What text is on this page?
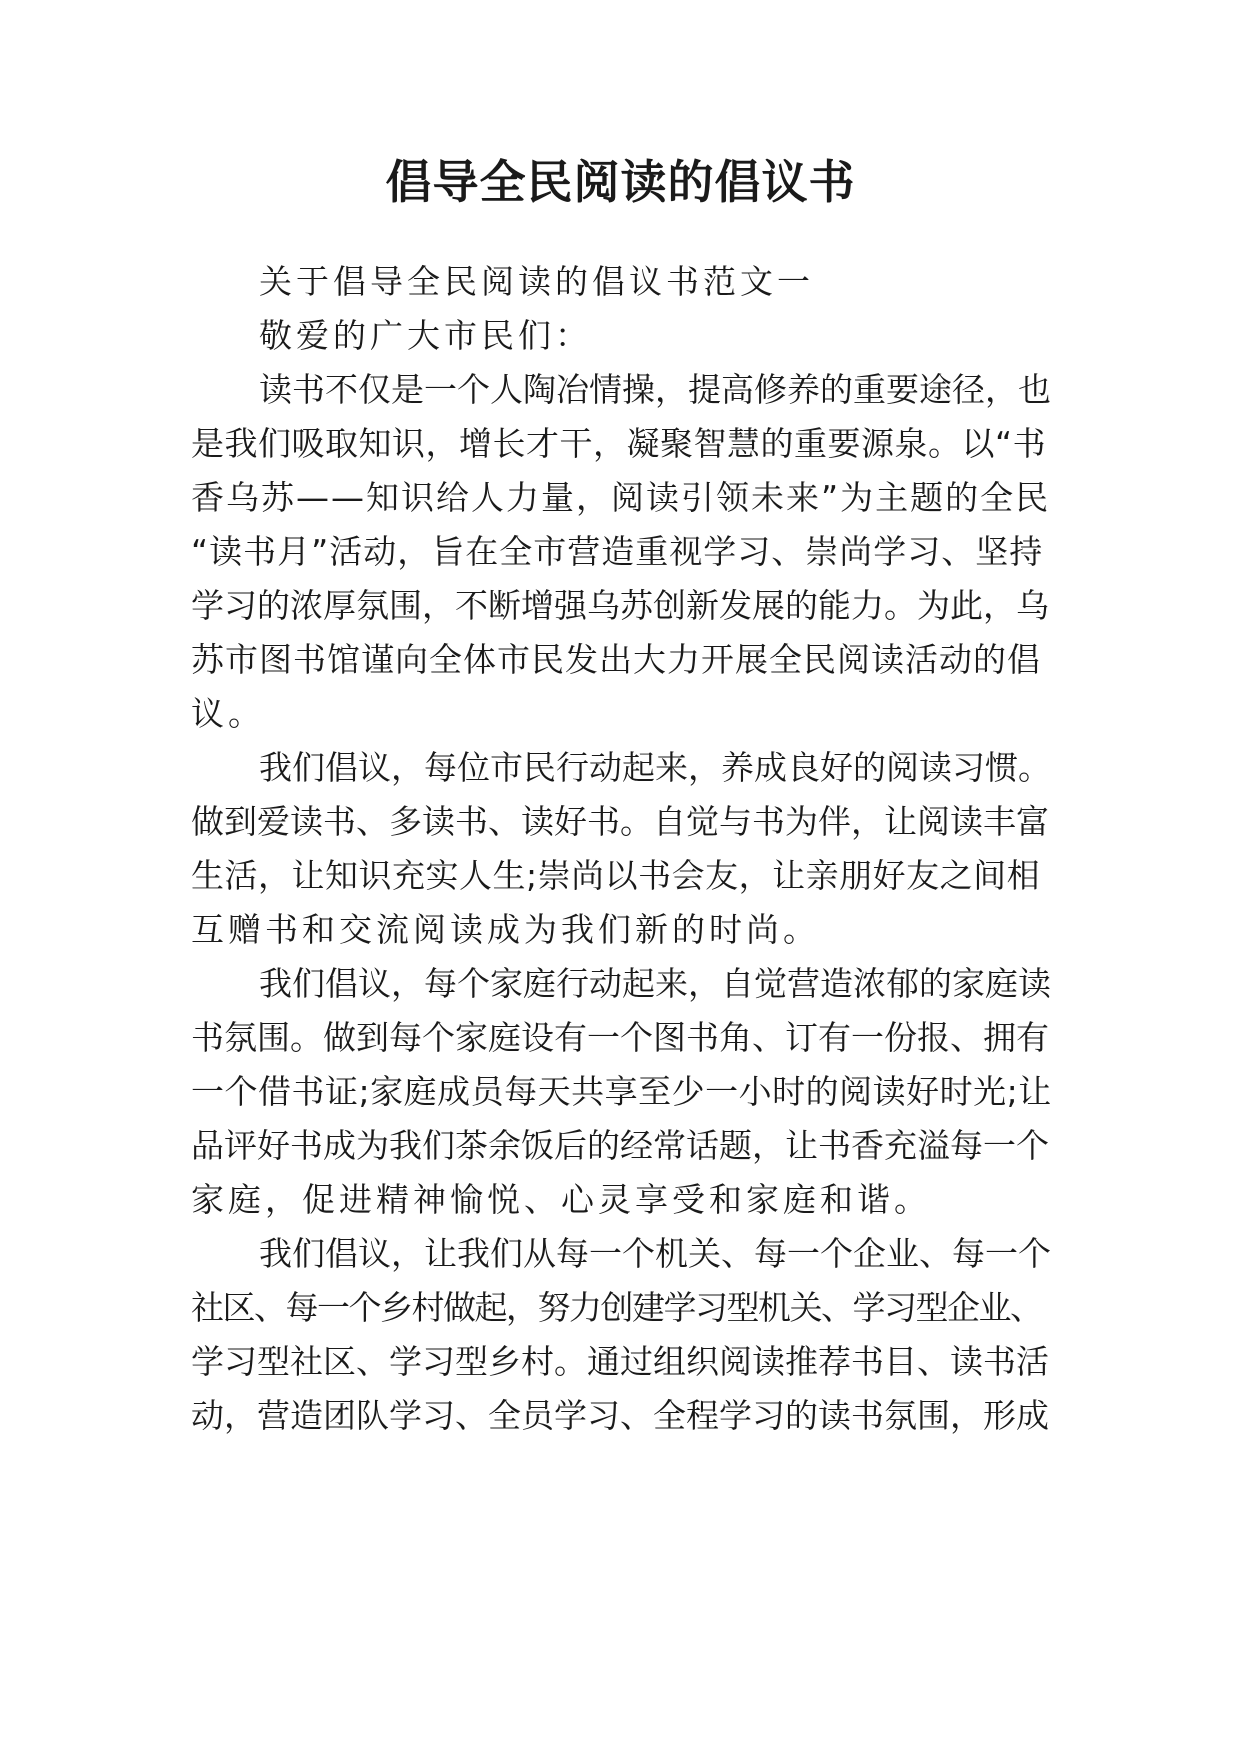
倡导全民阅读的倡议书

关于倡导全民阅读的倡议书范文一

敬爱的广大市民们：

读书不仅是一个人陶冶情操，提高修养的重要途径，也

是我们吸取知识，增长才干，凝聚智慧的重要源泉。以“书

香乌苏——知识给人力量，阅读引领未来”为主题的全民

“读书月”活动，旨在全市营造重视学习、崇尚学习、坚持

学习的浓厚氛围，不断增强乌苏创新发展的能力。为此，乌

苏市图书馆谨向全体市民发出大力开展全民阅读活动的倡

议。

我们倡议，每位市民行动起来，养成良好的阅读习惯。

做到爱读书、多读书、读好书。自觉与书为伴，让阅读丰富

生活，让知识充实人生;崇尚以书会友，让亲朋好友之间相

互赠书和交流阅读成为我们新的时尚。

我们倡议，每个家庭行动起来，自觉营造浓郁的家庭读

书氛围。做到每个家庭设有一个图书角、订有一份报、拥有

一个借书证;家庭成员每天共享至少一小时的阅读好时光;让

品评好书成为我们茶余饭后的经常话题，让书香充溢每一个

家庭，促进精神愉悦、心灵享受和家庭和谐。

我们倡议，让我们从每一个机关、每一个企业、每一个

社区、每一个乡村做起，努力创建学习型机关、学习型企业、

学习型社区、学习型乡村。通过组织阅读推荐书目、读书活

动，营造团队学习、全员学习、全程学习的读书氛围，形成
